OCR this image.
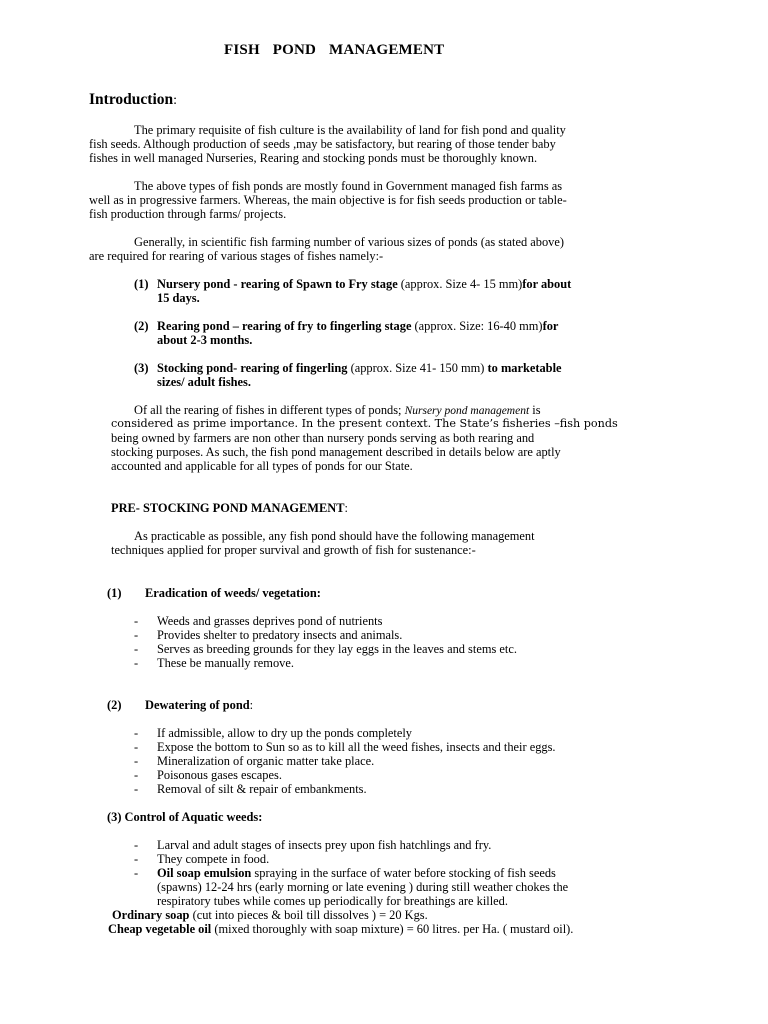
FISH POND MANAGEMENT
Introduction:
The primary requisite of fish culture is the availability of land for fish pond and quality
fish seeds. Although production of seeds ,may be satisfactory, but rearing of those tender baby
fishes in well managed Nurseries, Rearing and stocking ponds must be thoroughly known.
The above types of fish ponds are mostly found in Government managed fish farms as
well as in progressive farmers. Whereas, the main objective is for fish seeds production or table-
fish production through farms/ projects.
Generally, in scientific fish farming number of various sizes of ponds (as stated above)
are required for rearing of various stages of fishes namely:-
(1) Nursery pond - rearing of Spawn to Fry stage (approx. Size 4- 15 mm)for about
15 days.
(2) Rearing pond – rearing of fry to fingerling stage (approx. Size: 16-40 mm)for
about 2-3 months.
(3) Stocking pond- rearing of fingerling (approx. Size 41- 150 mm) to marketable
sizes/ adult fishes.
Of all the rearing of fishes in different types of ponds; Nursery pond management is
considered as prime importance. In the present context. The State’s fisheries –fish ponds
being owned by farmers are non other than nursery ponds serving as both rearing and
stocking purposes. As such, the fish pond management described in details below are aptly
accounted and applicable for all types of ponds for our State.
PRE- STOCKING POND MANAGEMENT:
As practicable as possible, any fish pond should have the following management
techniques applied for proper survival and growth of fish for sustenance:-
(1) Eradication of weeds/ vegetation:
- Weeds and grasses deprives pond of nutrients
- Provides shelter to predatory insects and animals.
- Serves as breeding grounds for they lay eggs in the leaves and stems etc.
- These be manually remove.
(2) Dewatering of pond:
- If admissible, allow to dry up the ponds completely
- Expose the bottom to Sun so as to kill all the weed fishes, insects and their eggs.
- Mineralization of organic matter take place.
- Poisonous gases escapes.
- Removal of silt & repair of embankments.
(3) Control of Aquatic weeds:
- Larval and adult stages of insects prey upon fish hatchlings and fry.
- They compete in food.
- Oil soap emulsion spraying in the surface of water before stocking of fish seeds
(spawns) 12-24 hrs (early morning or late evening ) during still weather chokes the
respiratory tubes while comes up periodically for breathings are killed.
Ordinary soap (cut into pieces & boil till dissolves ) = 20 Kgs.
Cheap vegetable oil (mixed thoroughly with soap mixture) = 60 litres. per Ha. ( mustard oil).
